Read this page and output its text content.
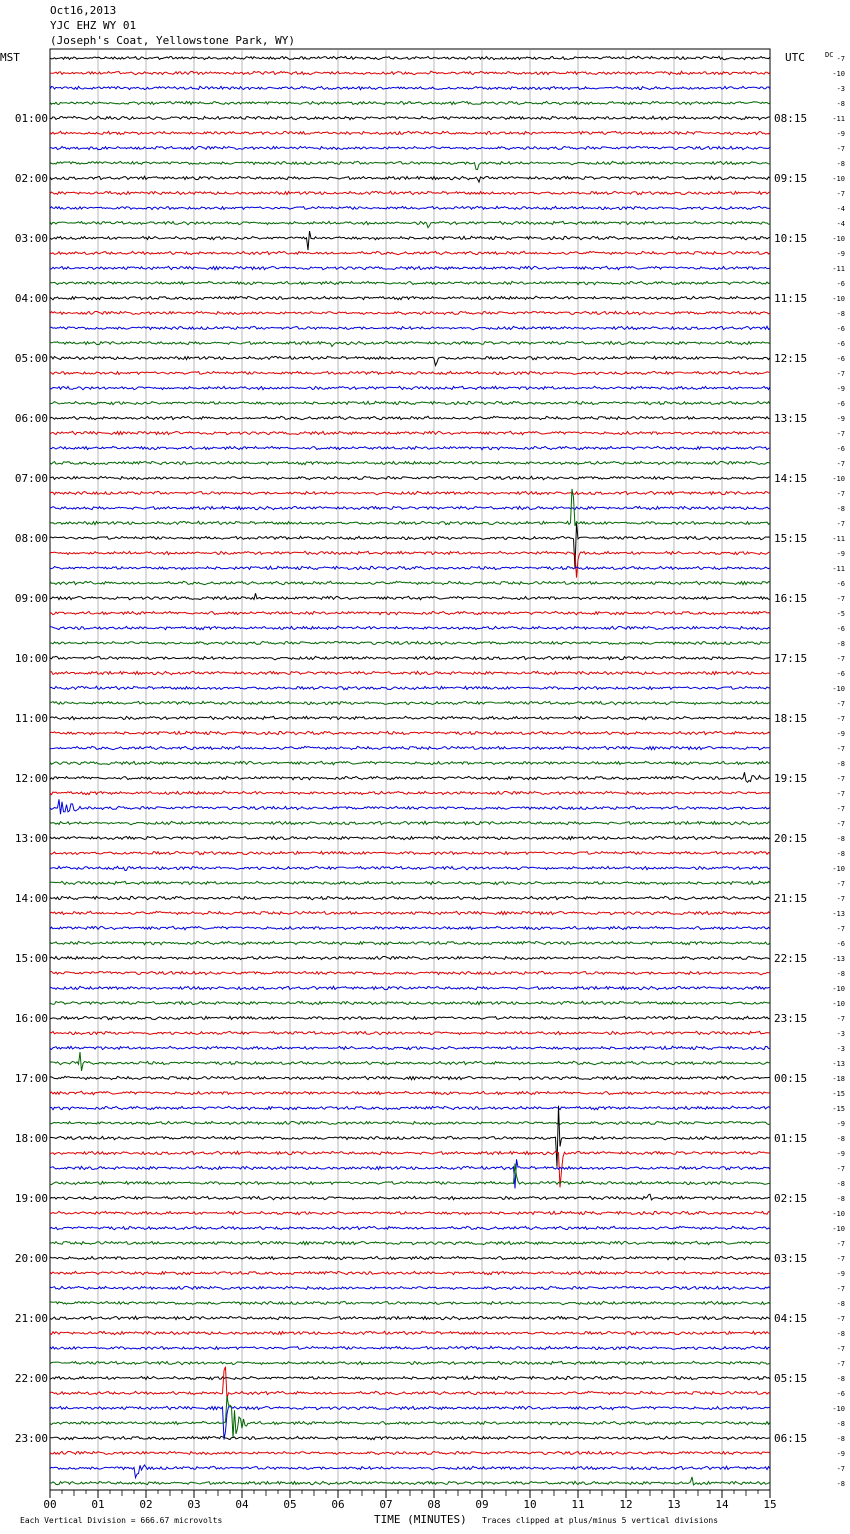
Oct16,2013
YJC EHZ WY 01
(Joseph's Coat, Yellowstone Park, WY)
00	01	02	03	04	05	06	07	08	09	10	11	12	13	14	15
-7
-10
-3
-8
-11
-9
-7
-8
-10
-7
-4
-4
-10
-9
-11
-6
-10
-8
-6
-6
-6
-7
-9
-6
-9
-7
-6
-7
-10
-7
-8
-7
-11
-9
-11
-6
-7
-5
-6
-8
-7
-6
-10
-7
-7
-9
-7
-8
-7
-7
-7
-7
-8
-8
-10
-7
-7
-13
-7
-6
-13
-8
-10
-10
-7
-3
-3
-13
-18
-15
-15
-9
-8
-9
-7
-8
-8
-10
-10
-7
-7
-9
-7
-8
-7
-8
-7
-7
-8
-6
-10
-8
-8
-9
-7
-8
01:00	08:15
02:00	09:15
03:00	10:15
04:00	11:15
05:00	12:15
06:00	13:15
07:00	14:15
08:00	15:15
09:00	16:15
10:00	17:15
11:00	18:15
12:00	19:15
13:00	20:15
14:00	21:15
15:00	22:15
16:00	23:15
17:00	00:15
18:00	01:15
19:00	02:15
20:00	03:15
21:00	04:15
22:00	05:15
23:00	06:15
MST	UTC	DC
Each Vertical Division = 666.67 microvolts	TIME (MINUTES) Traces clipped at plus/minus 5 vertical divisions
